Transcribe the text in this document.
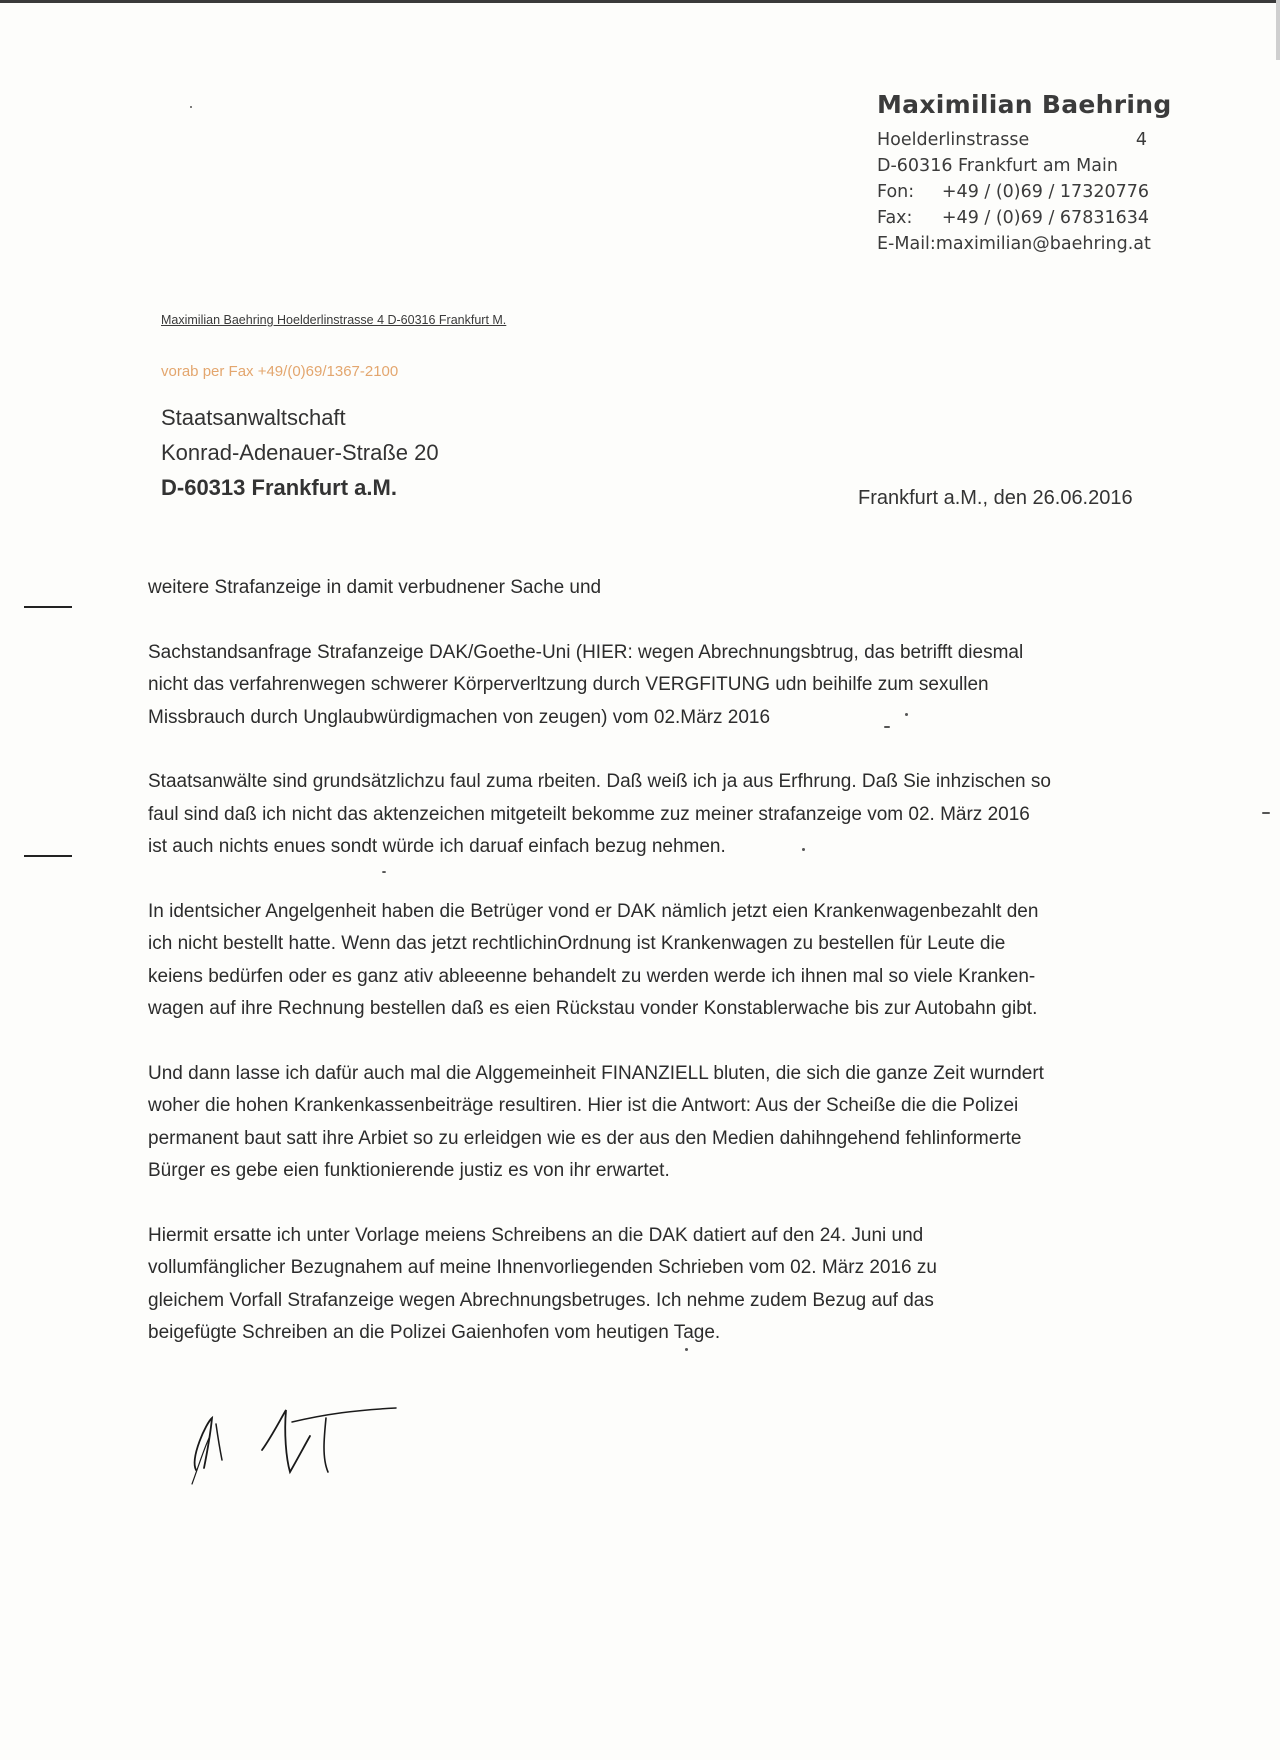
Maximilian Baehring
Hoelderlinstrasse	4
D-60316 Frankfurt am Main
Fon:	+49 / (0)69 / 17320776
Fax:	+49 / (0)69 / 67831634
E-Mail: maximilian@baehring.at
Maximilian Baehring Hoelderlinstrasse 4 D-60316 Frankfurt M.
vorab per Fax +49/(0)69/1367-2100
Staatsanwaltschaft
Konrad-Adenauer-Straße 20
D-60313 Frankfurt a.M.	Frankfurt a.M., den 26.06.2016
weitere Strafanzeige in damit verbudnener Sache und

Sachstandsanfrage Strafanzeige DAK/Goethe-Uni (HIER: wegen Abrechnungsbtrug, das betrifft diesmal
nicht das verfahrenwegen schwerer Körperverltzung durch VERGFITUNG udn beihilfe zum sexullen
Missbrauch durch Unglaubwürdigmachen von zeugen) vom 02.März 2016

Staatsanwälte sind grundsätzlichzu faul zuma rbeiten. Daß weiß ich ja aus Erfhrung. Daß Sie inhzischen so
faul sind daß ich nicht das aktenzeichen mitgeteilt bekomme zuz meiner strafanzeige vom 02. März 2016
ist auch nichts enues sondt würde ich daruaf einfach bezug nehmen.

In identsicher Angelgenheit haben die Betrüger vond er DAK nämlich jetzt eien Krankenwagenbezahlt den
ich nicht bestellt hatte. Wenn das jetzt rechtlichinOrdnung ist Krankenwagen zu bestellen für Leute die
keiens bedürfen oder es ganz ativ ableeenne behandelt zu werden werde ich ihnen mal so viele Kranken-
wagen auf ihre Rechnung bestellen daß es eien Rückstau vonder Konstablerwache bis zur Autobahn gibt.

Und dann lasse ich dafür auch mal die Alggemeinheit FINANZIELL bluten, die sich die ganze Zeit wurndert
woher die hohen Krankenkassenbeiträge resultiren. Hier ist die Antwort: Aus der Scheiße die die Polizei
permanent baut satt ihre Arbiet so zu erleidgen wie es der aus den Medien dahihngehend fehlinformerte
Bürger es gebe eien funktionierende justiz es von ihr erwartet.

Hiermit ersatte ich unter Vorlage meiens Schreibens an die DAK datiert auf den 24. Juni und
vollumfänglicher Bezugnahem auf meine Ihnenvorliegenden Schrieben vom 02. März 2016 zu
gleichem Vorfall Strafanzeige wegen Abrechnungsbetruges. Ich nehme zudem Bezug auf das
beigefügte Schreiben an die Polizei Gaienhofen vom heutigen Tage.
